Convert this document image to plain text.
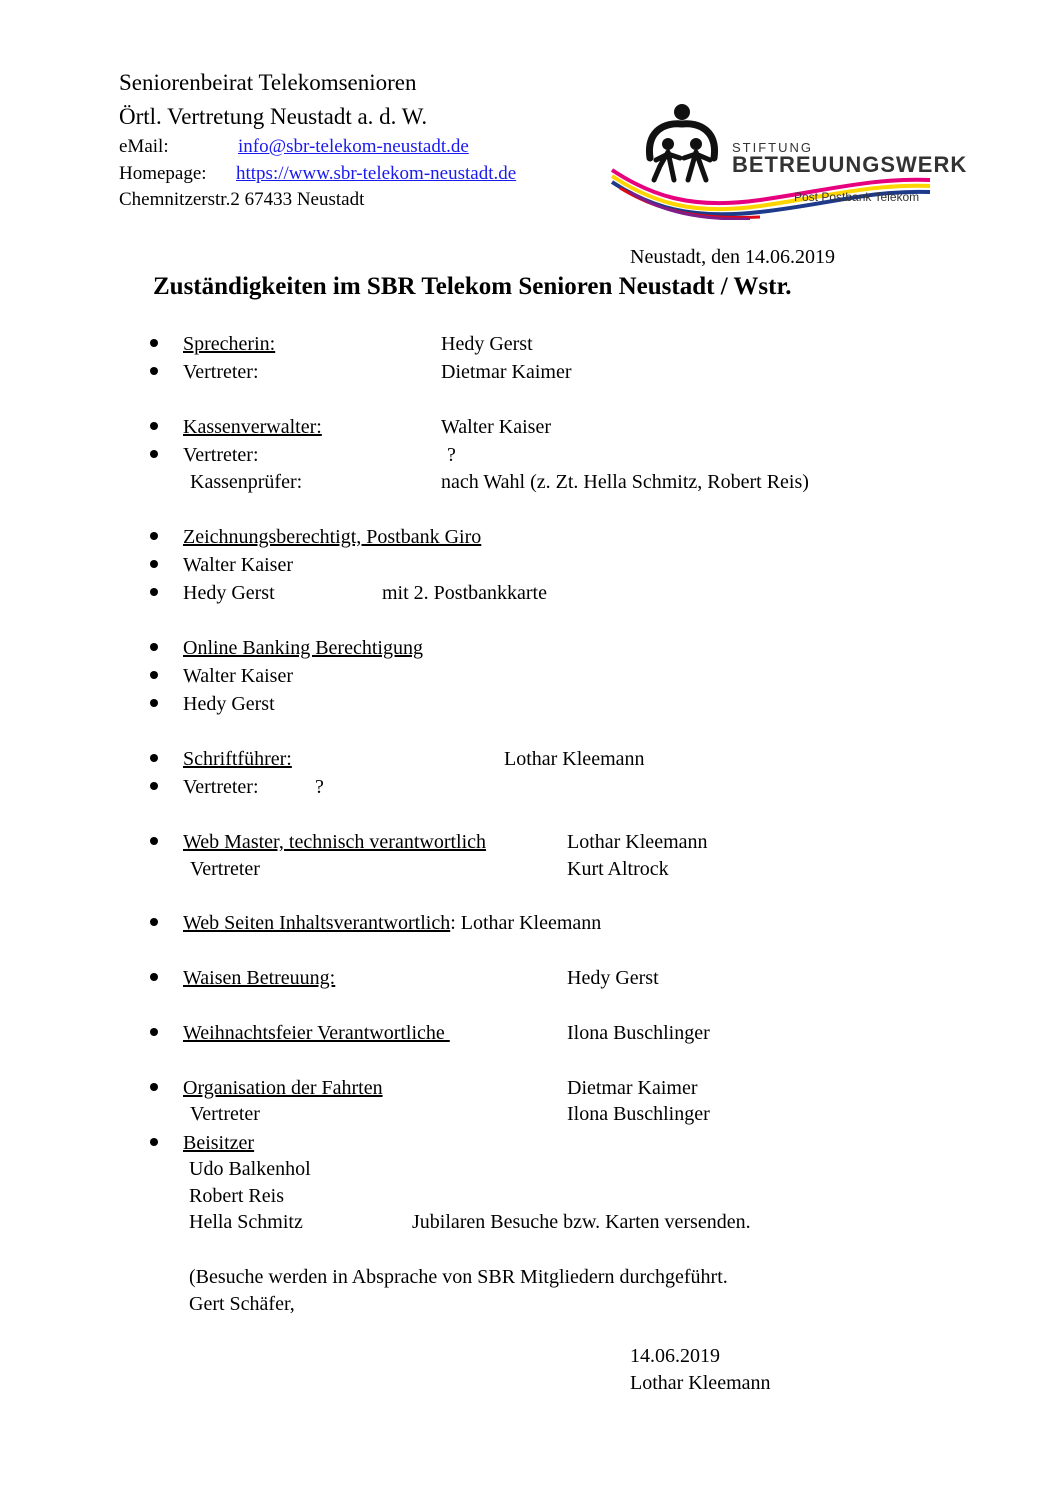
Seniorenbeirat Telekomsenioren
Örtl. Vertretung Neustadt a. d. W.
eMail:	info@sbr-telekom-neustadt.de
Homepage: https://www.sbr-telekom-neustadt.de
Chemnitzerstr.2 67433 Neustadt
STIFTUNG
BETREUUNGSWERK
Post Postbank Telekom
Neustadt, den 14.06.2019
Zuständigkeiten im SBR Telekom Senioren Neustadt / Wstr.
Sprecherin:	Hedy Gerst
Vertreter:	Dietmar Kaimer
Kassenverwalter:	Walter Kaiser
Vertreter:	?
Kassenprüfer:	nach Wahl (z. Zt. Hella Schmitz, Robert Reis)
Zeichnungsberechtigt, Postbank Giro
Walter Kaiser
Hedy Gerst	mit 2. Postbankkarte
Online Banking Berechtigung
Walter Kaiser
Hedy Gerst
Schriftführer:	Lothar Kleemann
Vertreter:	?
Web Master, technisch verantwortlich	Lothar Kleemann
Vertreter	Kurt Altrock
Web Seiten Inhaltsverantwortlich: Lothar Kleemann
Waisen Betreuung:	Hedy Gerst
Weihnachtsfeier Verantwortliche	Ilona Buschlinger
Organisation der Fahrten	Dietmar Kaimer
Vertreter	Ilona Buschlinger
Beisitzer
Udo Balkenhol
Robert Reis
Hella Schmitz	Jubilaren Besuche bzw. Karten versenden.
(Besuche werden in Absprache von SBR Mitgliedern durchgeführt.
Gert Schäfer,
14.06.2019
Lothar Kleemann
